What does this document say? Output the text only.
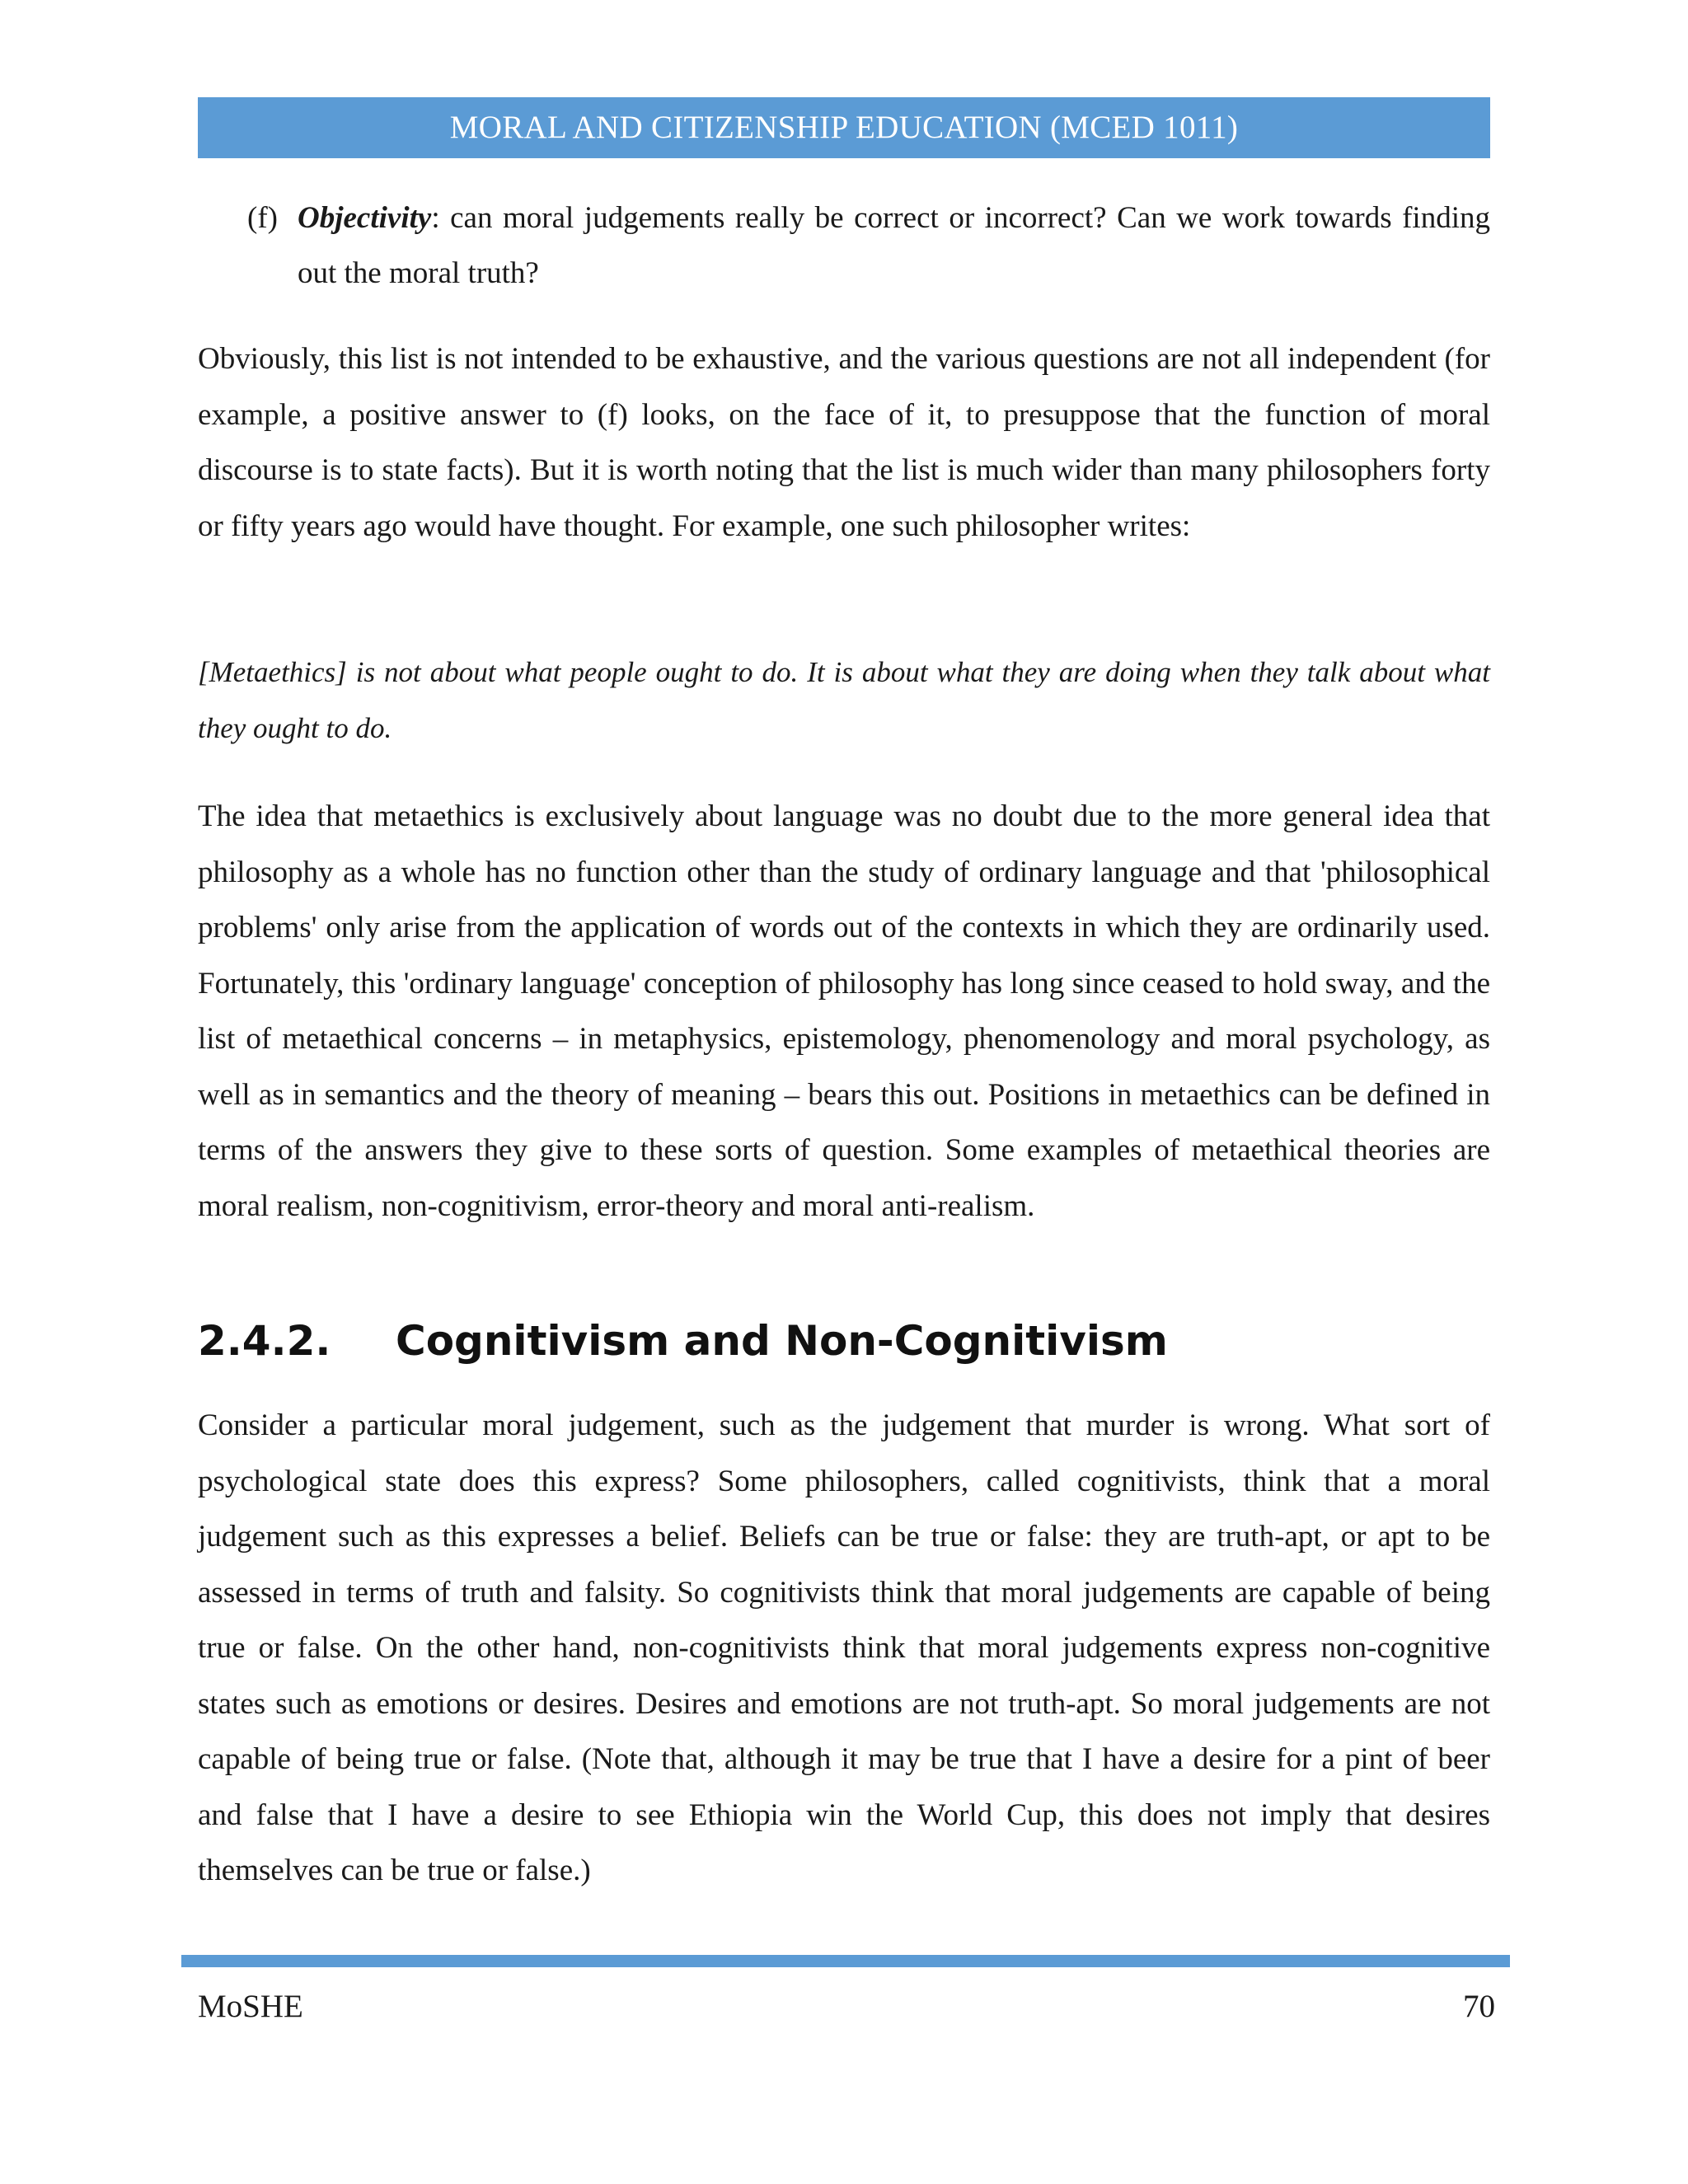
MORAL AND CITIZENSHIP EDUCATION (MCED 1011)
(f) Objectivity: can moral judgements really be correct or incorrect? Can we work towards finding out the moral truth?
Obviously, this list is not intended to be exhaustive, and the various questions are not all independent (for example, a positive answer to (f) looks, on the face of it, to presuppose that the function of moral discourse is to state facts). But it is worth noting that the list is much wider than many philosophers forty or fifty years ago would have thought. For example, one such philosopher writes:
[Metaethics] is not about what people ought to do. It is about what they are doing when they talk about what they ought to do.
The idea that metaethics is exclusively about language was no doubt due to the more general idea that philosophy as a whole has no function other than the study of ordinary language and that 'philosophical problems' only arise from the application of words out of the contexts in which they are ordinarily used. Fortunately, this 'ordinary language' conception of philosophy has long since ceased to hold sway, and the list of metaethical concerns – in metaphysics, epistemology, phenomenology and moral psychology, as well as in semantics and the theory of meaning – bears this out. Positions in metaethics can be defined in terms of the answers they give to these sorts of question. Some examples of metaethical theories are moral realism, non-cognitivism, error-theory and moral anti-realism.
2.4.2. Cognitivism and Non-Cognitivism
Consider a particular moral judgement, such as the judgement that murder is wrong. What sort of psychological state does this express? Some philosophers, called cognitivists, think that a moral judgement such as this expresses a belief. Beliefs can be true or false: they are truth-apt, or apt to be assessed in terms of truth and falsity. So cognitivists think that moral judgements are capable of being true or false. On the other hand, non-cognitivists think that moral judgements express non-cognitive states such as emotions or desires. Desires and emotions are not truth-apt. So moral judgements are not capable of being true or false. (Note that, although it may be true that I have a desire for a pint of beer and false that I have a desire to see Ethiopia win the World Cup, this does not imply that desires themselves can be true or false.)
MoSHE	70
